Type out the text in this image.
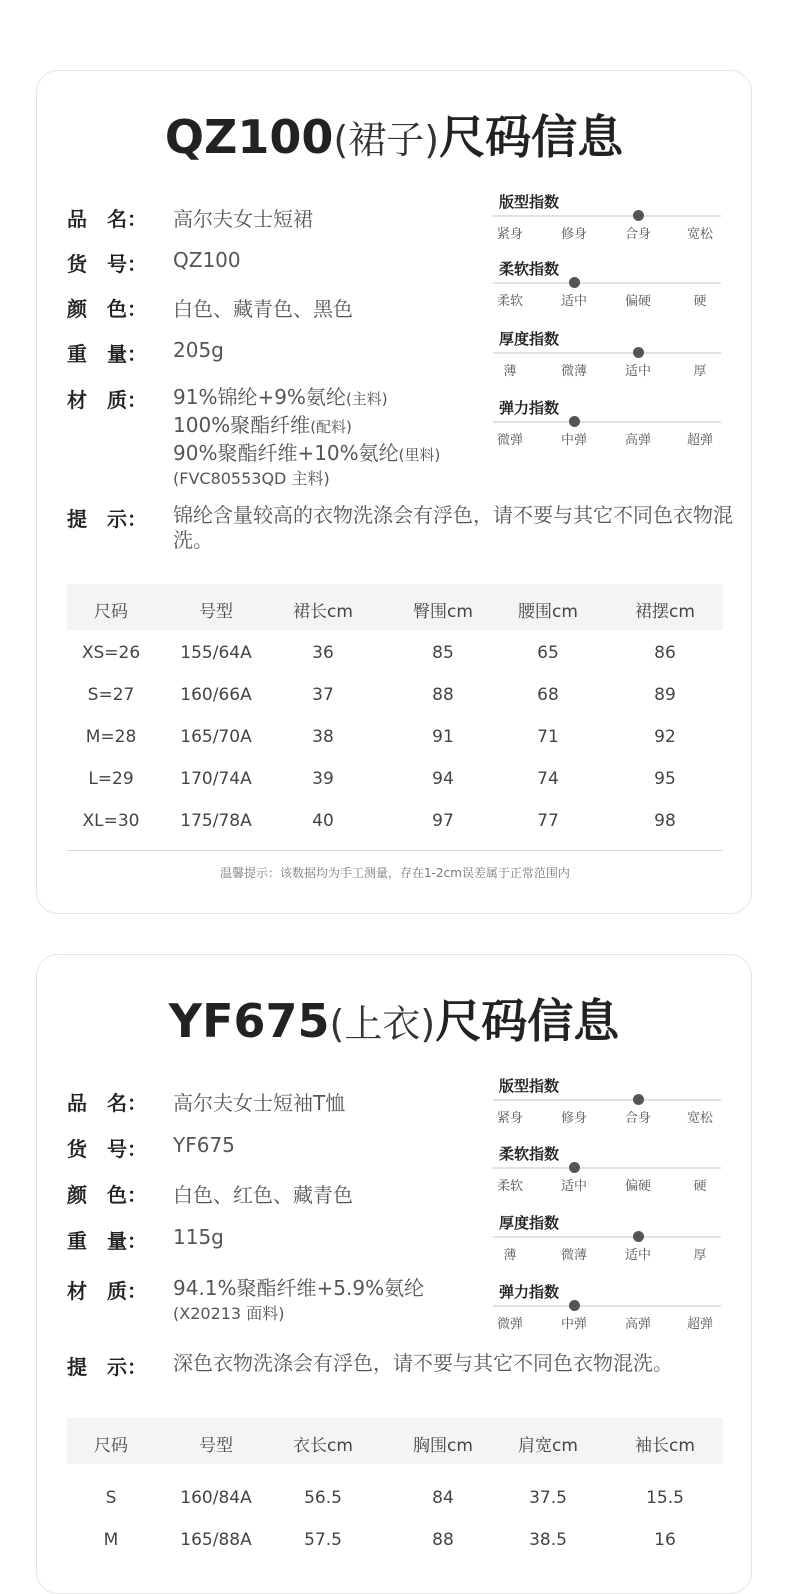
QZ100(裙子)尺码信息
品　名： 高尔夫女士短裙
货　号： QZ100
颜　色： 白色、藏青色、黑色
重　量： 205g
材　质： 91%锦纶+9%氨纶(主料)
100%聚酯纤维(配料)
90%聚酯纤维+10%氨纶(里料)
(FVC80553QD 主料)
提　示： 锦纶含量较高的衣物洗涤会有浮色，请不要与其它不同色衣物混洗。
版型指数
紧身	修身	合身	宽松
柔软指数
柔软	适中	偏硬	硬
厚度指数
薄	微薄	适中	厚
弹力指数
微弹	中弹	高弹	超弹
尺码	号型	裙长cm	臀围cm	腰围cm	裙摆cm
XS=26 155/64A	36	85	65	86
S=27	160/66A	37	88	68	89
M=28	165/70A	38	91	71	92
L=29	170/74A	39	94	74	95
XL=30 175/78A	40	97	77	98
温馨提示：该数据均为手工测量，存在1-2cm误差属于正常范围内
YF675(上衣)尺码信息
品　名： 高尔夫女士短袖T恤
货　号： YF675
颜　色： 白色、红色、藏青色
重　量： 115g
材　质： 94.1%聚酯纤维+5.9%氨纶
(X20213 面料)
提　示： 深色衣物洗涤会有浮色，请不要与其它不同色衣物混洗。
版型指数
紧身	修身	合身	宽松
柔软指数
柔软	适中	偏硬	硬
厚度指数
薄	微薄	适中	厚
弹力指数
微弹	中弹	高弹	超弹
尺码	号型	衣长cm	胸围cm	肩宽cm	袖长cm
S	160/84A	56.5	84	37.5	15.5
M	165/88A	57.5	88	38.5	16
